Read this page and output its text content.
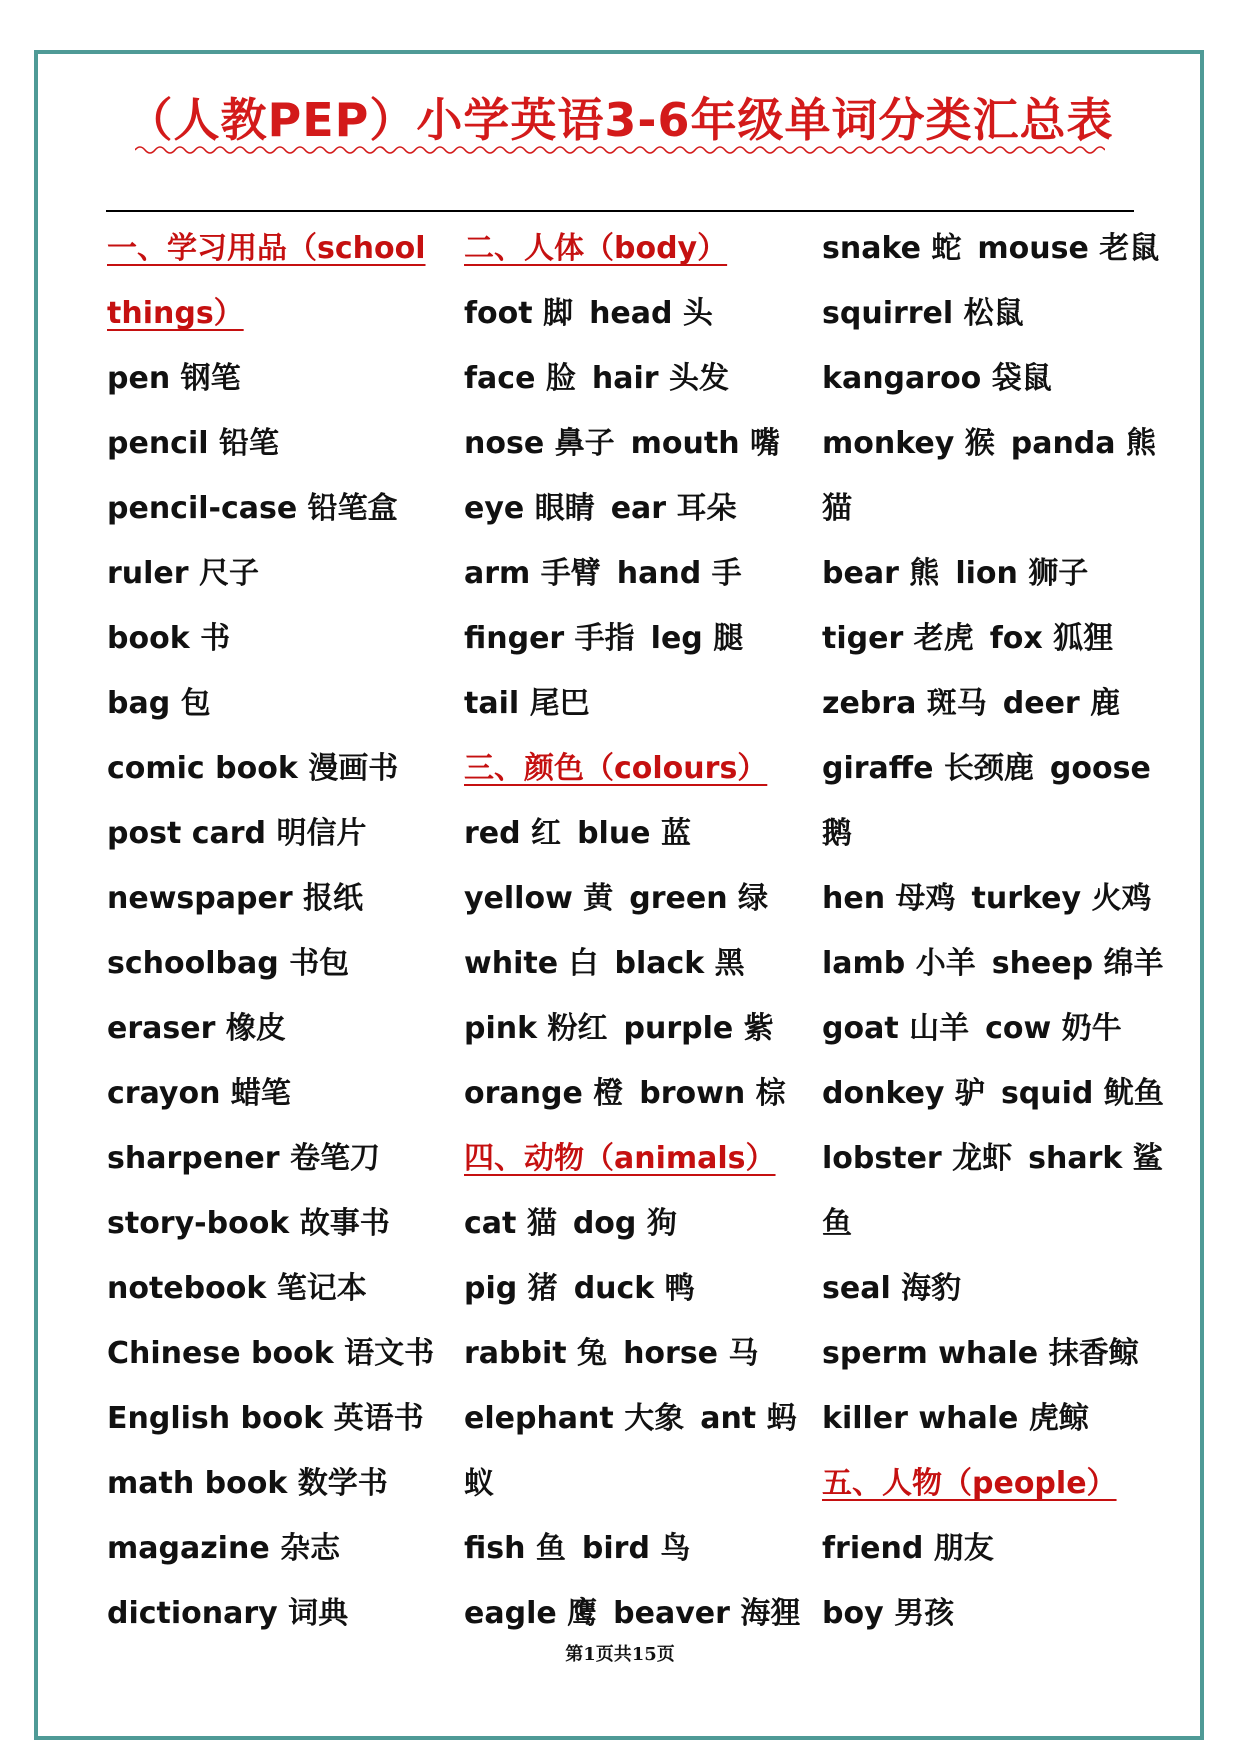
（人教PEP）小学英语3-6年级单词分类汇总表
一、学习用品（school
things）
pen 钢笔
pencil 铅笔
pencil-case 铅笔盒
ruler 尺子
book 书
bag 包
comic book 漫画书
post card 明信片
newspaper 报纸
schoolbag 书包
eraser 橡皮
crayon 蜡笔
sharpener 卷笔刀
story-book 故事书
notebook 笔记本
Chinese book 语文书
English book 英语书
math book 数学书
magazine 杂志
dictionary 词典
二、人体（body）
foot 脚 head 头
face 脸 hair 头发
nose 鼻子 mouth 嘴
eye 眼睛 ear 耳朵
arm 手臂 hand 手
finger 手指 leg 腿
tail 尾巴
三、颜色（colours）
red 红 blue 蓝
yellow 黄 green 绿
white 白 black 黑
pink 粉红 purple 紫
orange 橙 brown 棕
四、动物（animals）
cat 猫 dog 狗
pig 猪 duck 鸭
rabbit 兔 horse 马
elephant 大象 ant 蚂
蚁
fish 鱼 bird 鸟
eagle 鹰 beaver 海狸
snake 蛇 mouse 老鼠
squirrel 松鼠
kangaroo 袋鼠
monkey 猴 panda 熊
猫
bear 熊 lion 狮子
tiger 老虎 fox 狐狸
zebra 斑马 deer 鹿
giraffe 长颈鹿 goose
鹅
hen 母鸡 turkey 火鸡
lamb 小羊 sheep 绵羊
goat 山羊 cow 奶牛
donkey 驴 squid 鱿鱼
lobster 龙虾 shark 鲨
鱼
seal 海豹
sperm whale 抹香鲸
killer whale 虎鲸
五、人物（people）
friend 朋友
boy 男孩
第1页共15页
